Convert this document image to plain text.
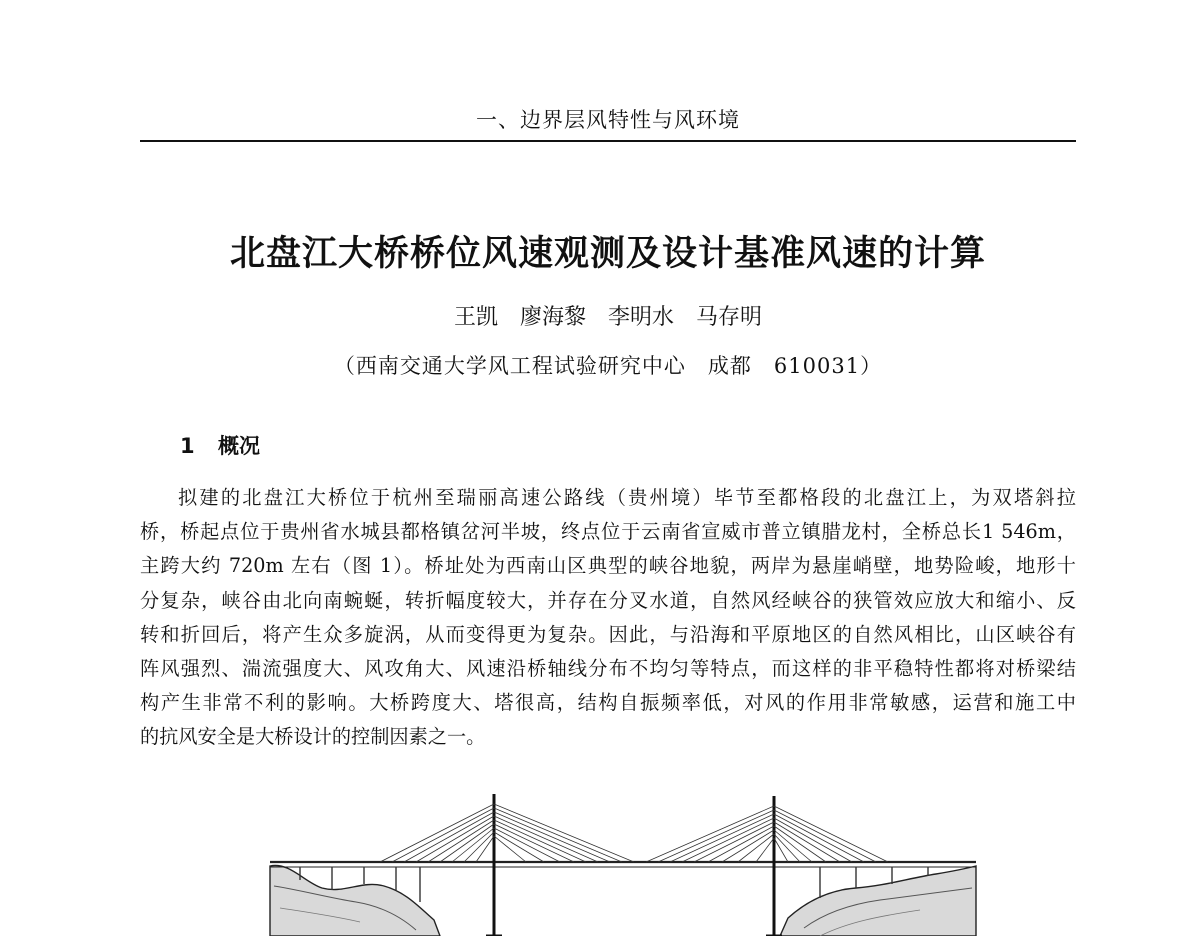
一、边界层风特性与风环境
北盘江大桥桥位风速观测及设计基准风速的计算
王凯　廖海黎　李明水　马存明
（西南交通大学风工程试验研究中心　成都　610031）
1 概况
拟建的北盘江大桥位于杭州至瑞丽高速公路线（贵州境）毕节至都格段的北盘江上，为双塔斜拉
桥，桥起点位于贵州省水城县都格镇岔河半坡，终点位于云南省宣威市普立镇腊龙村，全桥总长1 546m，
主跨大约 720m 左右（图 1）。桥址处为西南山区典型的峡谷地貌，两岸为悬崖峭壁，地势险峻，地形十
分复杂，峡谷由北向南蜿蜒，转折幅度较大，并存在分叉水道，自然风经峡谷的狭管效应放大和缩小、反
转和折回后，将产生众多旋涡，从而变得更为复杂。因此，与沿海和平原地区的自然风相比，山区峡谷有
阵风强烈、湍流强度大、风攻角大、风速沿桥轴线分布不均匀等特点，而这样的非平稳特性都将对桥梁结
构产生非常不利的影响。大桥跨度大、塔很高，结构自振频率低，对风的作用非常敏感，运营和施工中
的抗风安全是大桥设计的控制因素之一。
